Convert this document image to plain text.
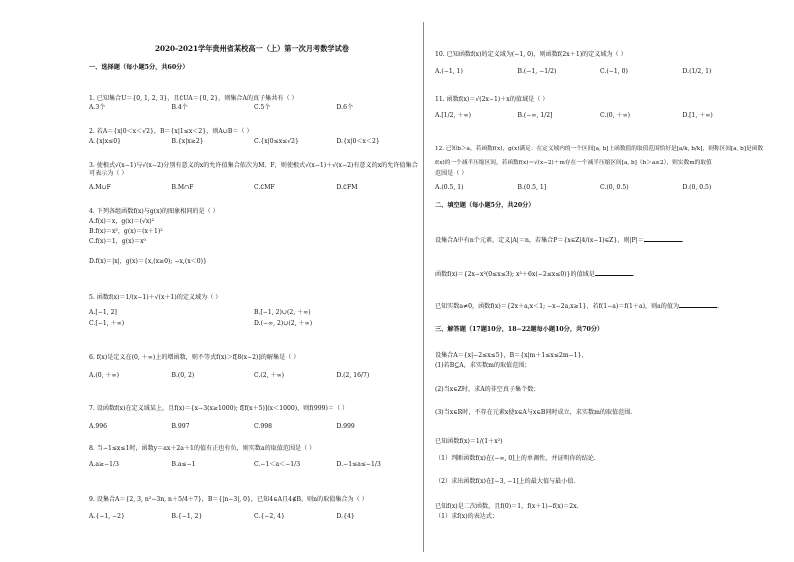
2020-2021学年贵州省某校高一（上）第一次月考数学试卷
一、选择题（每小题5分，共60分）
1. 已知集合U＝{0, 1, 2, 3}，且∁UA＝{0, 2}，则集合A的真子集共有（ ）
A.3个	B.4个	C.5个	D.6个
2. 若A＝{x|0＜x＜√2}，B＝{x|1≤x＜2}，则A∪B＝（ ）
A.{x|x≤0}	B.{x|x≥2}	C.{x|0≤x≤√2}	D.{x|0＜x＜2}
3. 使根式√(x−1)与√(x−2)分别有意义的x的允许值集合依次为M、F，则使根式√(x−1)＋√(x−2)有意义的x的允许值集合
可表示为（ ）
A.M∪F	B.M∩F	C.∁MF	D.∁FM
4. 下列各组函数f(x)与g(x)的图象相同的是（ ）
A.f(x)＝x，g(x)＝(√x)²
B.f(x)＝x²，g(x)＝(x＋1)²
C.f(x)＝1，g(x)＝x⁰
D.f(x)＝|x|，g(x)＝{x,(x≥0); −x,(x＜0)}
5. 函数f(x)＝1/(x−1)＋√(x＋1)的定义域为（ ）
A.[−1, 2]	B.[−1, 2)∪(2, ＋∞)
C.[−1, ＋∞)	D.(−∞, 2)∪(2, ＋∞)
6. f(x)是定义在(0, ＋∞)上的增函数，则不等式f(x)＞f[8(x−2)]的解集是（ ）
A.(0, ＋∞)	B.(0, 2)	C.(2, ＋∞)	D.(2, 16/7)
7. 设函数f(x)在定义域某上，且f(x)＝{x−3(x≥1000); f[f(x＋5)](x＜1000)，则f(999)＝（ ）
A.996	B.997	C.998	D.999
8. 当−1≤x≤1时，函数y＝ax＋2a＋1的值有正也有负，则实数a的取值范围是（ ）
A.a≥−1/3	B.a≤−1	C.−1＜a＜−1/3	D.−1≤a≤−1/3
9. 设集合A＝{2, 3, n²−3n, n＋5/4＋7}，B＝{|n−3|, 0}，已知4∈A且4∉B，则n的取值集合为（ ）
A.{−1, −2}	B.{−1, 2}	C.{−2, 4}	D.{4}
10. 已知函数f(x)的定义域为(−1, 0)，则函数f(2x＋1)的定义域为（ ）
A.(−1, 1)	B.(−1, −1/2)	C.(−1, 0)	D.(1/2, 1)
11. 函数f(x)＝√(2x−1)＋x的值域是（ ）
A.[1/2, ＋∞)	B.(−∞, 1/2]	C.(0, ＋∞)	D.[1, ＋∞)
12. 已知b＞a，若函数f(x)，g(x)满足：在定义域内的一个区间[a, b]上函数值的取值范围恰好是[a/k, b/k]，则称区间[a, b]是函数
f(x)的一个减半压缩区间，若函数f(x)＝√(x−2)＋m存在一个减半压缩区间[a, b]（b＞a≥2），则实数m的取值
范围是（ ）
A.(0.5, 1)	B.(0.5, 1]	C.(0, 0.5)	D.(0, 0.5)
二、填空题（每小题5分，共20分）
设集合A中有n个元素，定义|A|＝n，若集合P＝{x∈Z|4/(x−1)∈Z}，则|P|＝	.
函数f(x)＝{2x−x²(0≤x≤3); x²＋6x(−2≤x≤0)}的值域是	.
已知实数a≠0，函数f(x)＝{2x＋a,x＜1; −x−2a,x≥1}，若f(1−a)＝f(1＋a)，则a的值为	.
三、解答题（17题10分，18−22题每小题10分，共70分）
设集合A＝{x|−2≤x≤5}，B＝{x|m＋1≤x≤2m−1}，
(1)若B⊆A，求实数m的取值范围；
(2)当x∈Z时，求A的非空真子集个数；
(3)当x∈R时，不存在元素x使x∈A与x∈B同时成立，求实数m的取值范围.
已知函数f(x)＝1/(1＋x²)
（1）判断函数f(x)在(−∞, 0]上的单调性，并证明你的结论.
（2）求出函数f(x)在[−3, −1]上的最大值与最小值.
已知f(x)是二次函数，且f(0)＝1，f(x＋1)−f(x)＝2x.
（1）求f(x)的表达式；
